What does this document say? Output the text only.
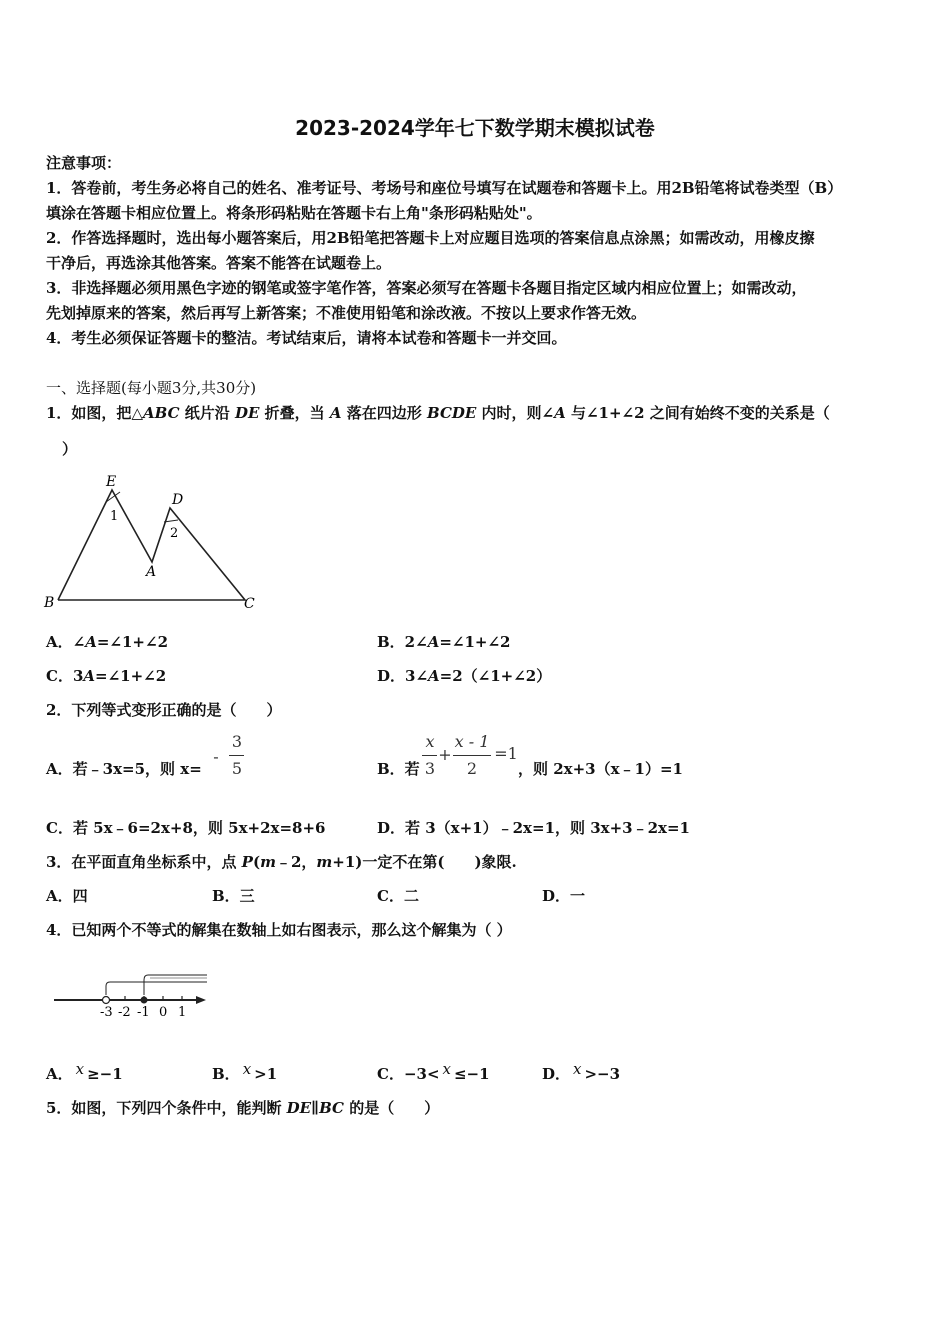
2023-2024学年七下数学期末模拟试卷
注意事项：
1．答卷前，考生务必将自己的姓名、准考证号、考场号和座位号填写在试题卷和答题卡上。用2B铅笔将试卷类型（B）
填涂在答题卡相应位置上。将条形码粘贴在答题卡右上角"条形码粘贴处"。
2．作答选择题时，选出每小题答案后，用2B铅笔把答题卡上对应题目选项的答案信息点涂黑；如需改动，用橡皮擦
干净后，再选涂其他答案。答案不能答在试题卷上。
3．非选择题必须用黑色字迹的钢笔或签字笔作答，答案必须写在答题卡各题目指定区域内相应位置上；如需改动，
先划掉原来的答案，然后再写上新答案；不准使用铅笔和涂改液。不按以上要求作答无效。
4．考生必须保证答题卡的整洁。考试结束后，请将本试卷和答题卡一并交回。
一、选择题(每小题3分,共30分)
1．如图，把△ABC 纸片沿 DE 折叠，当 A 落在四边形 BCDE 内时，则∠A 与∠1+∠2 之间有始终不变的关系是（
）
E
D
1
2
A
B	C
A．∠A=∠1+∠2	B．2∠A=∠1+∠2
C．3A=∠1+∠2	D．3∠A=2（∠1+∠2）
2．下列等式变形正确的是（　　）
A．若﹣3x=5，则 x=
-
3
5	B．若
x
3
+
x - 1
2
=1
，则 2x+3（x﹣1）=1
C．若 5x﹣6=2x+8，则 5x+2x=8+6	D．若 3（x+1）﹣2x=1，则 3x+3﹣2x=1
3．在平面直角坐标系中，点 P(m﹣2，m+1)一定不在第(　　)象限.
A．四	B．三	C．二	D．一
4．已知两个不等式的解集在数轴上如右图表示，那么这个解集为（ ）
-3 -2 -1 0 1
A． x ≥−1	B． x >1	C．−3< x ≤−1	D． x >−3
5．如图，下列四个条件中，能判断 DE∥BC 的是（　　）
